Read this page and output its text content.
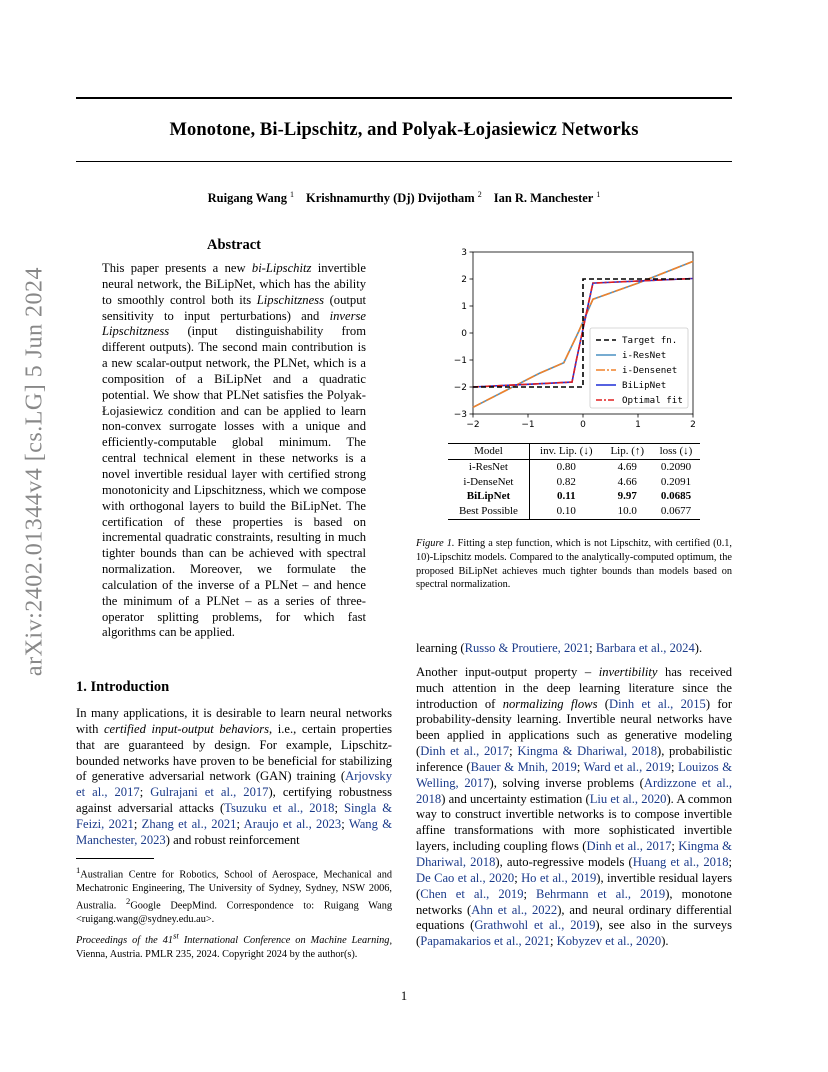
Monotone, Bi-Lipschitz, and Polyak-Łojasiewicz Networks
Ruigang Wang $^1$ Krishnamurthy (Dj) Dvijotham $^2$ Ian R. Manchester $^1$
arXiv:2402.01344v4 [cs.LG] 5 Jun 2024
Abstract
This paper presents a new bi-Lipschitz invertible neural network, the BiLipNet, which has the ability to smoothly control both its Lipschitzness (output sensitivity to input perturbations) and inverse Lipschitzness (input distinguishability from different outputs). The second main contribution is a new scalar-output network, the PLNet, which is a composition of a BiLipNet and a quadratic potential. We show that PLNet satisfies the Polyak-Łojasiewicz condition and can be applied to learn non-convex surrogate losses with a unique and efficiently-computable global minimum. The central technical element in these networks is a novel invertible residual layer with certified strong monotonicity and Lipschitzness, which we compose with orthogonal layers to build the BiLipNet. The certification of these properties is based on incremental quadratic constraints, resulting in much tighter bounds than can be achieved with spectral normalization. Moreover, we formulate the calculation of the inverse of a PLNet – and hence the minimum of a PLNet – as a series of three-operator splitting problems, for which fast algorithms can be applied.
1. Introduction
In many applications, it is desirable to learn neural networks with certified input-output behaviors, i.e., certain properties that are guaranteed by design. For example, Lipschitz-bounded networks have proven to be beneficial for stabilizing of generative adversarial network (GAN) training (Arjovsky et al., 2017; Gulrajani et al., 2017), certifying robustness against adversarial attacks (Tsuzuku et al., 2018; Singla & Feizi, 2021; Zhang et al., 2021; Araujo et al., 2023; Wang & Manchester, 2023) and robust reinforcement
$^1$Australian Centre for Robotics, School of Aerospace, Mechanical and Mechatronic Engineering, The University of Sydney, Sydney, NSW 2006, Australia. $^2$Google DeepMind. Correspondence to: Ruigang Wang <ruigang.wang@sydney.edu.au>.
Proceedings of the 41st International Conference on Machine Learning, Vienna, Austria. PMLR 235, 2024. Copyright 2024 by the author(s).
−2	−1	0	1	2
−3
−2
−1
0
1
2
3
Target fn.
i-ResNet
i-Densenet
BiLipNet
Optimal fit
Model	inv. Lip. (↓)	Lip. (↑)	loss (↓)
i-ResNet	0.80	4.69	0.2090
i-DenseNet	0.82	4.66	0.2091
BiLipNet	0.11	9.97	0.0685
Best Possible	0.10	10.0	0.0677
Figure 1. Fitting a step function, which is not Lipschitz, with certified (0.1, 10)-Lipschitz models. Compared to the analytically-computed optimum, the proposed BiLipNet achieves much tighter bounds than models based on spectral normalization.

learning (Russo & Proutiere, 2021; Barbara et al., 2024).

Another input-output property – invertibility has received much attention in the deep learning literature since the introduction of normalizing flows (Dinh et al., 2015) for probability-density learning. Invertible neural networks have been applied in applications such as generative modeling (Dinh et al., 2017; Kingma & Dhariwal, 2018), probabilistic inference (Bauer & Mnih, 2019; Ward et al., 2019; Louizos & Welling, 2017), solving inverse problems (Ardizzone et al., 2018) and uncertainty estimation (Liu et al., 2020). A common way to construct invertible networks is to compose invertible affine transformations with more sophisticated invertible layers, including coupling flows (Dinh et al., 2017; Kingma & Dhariwal, 2018), auto-regressive models (Huang et al., 2018; De Cao et al., 2020; Ho et al., 2019), invertible residual layers (Chen et al., 2019; Behrmann et al., 2019), monotone networks (Ahn et al., 2022), and neural ordinary differential equations (Grathwohl et al., 2019), see also in the surveys (Papamakarios et al., 2021; Kobyzev et al., 2020).

1
